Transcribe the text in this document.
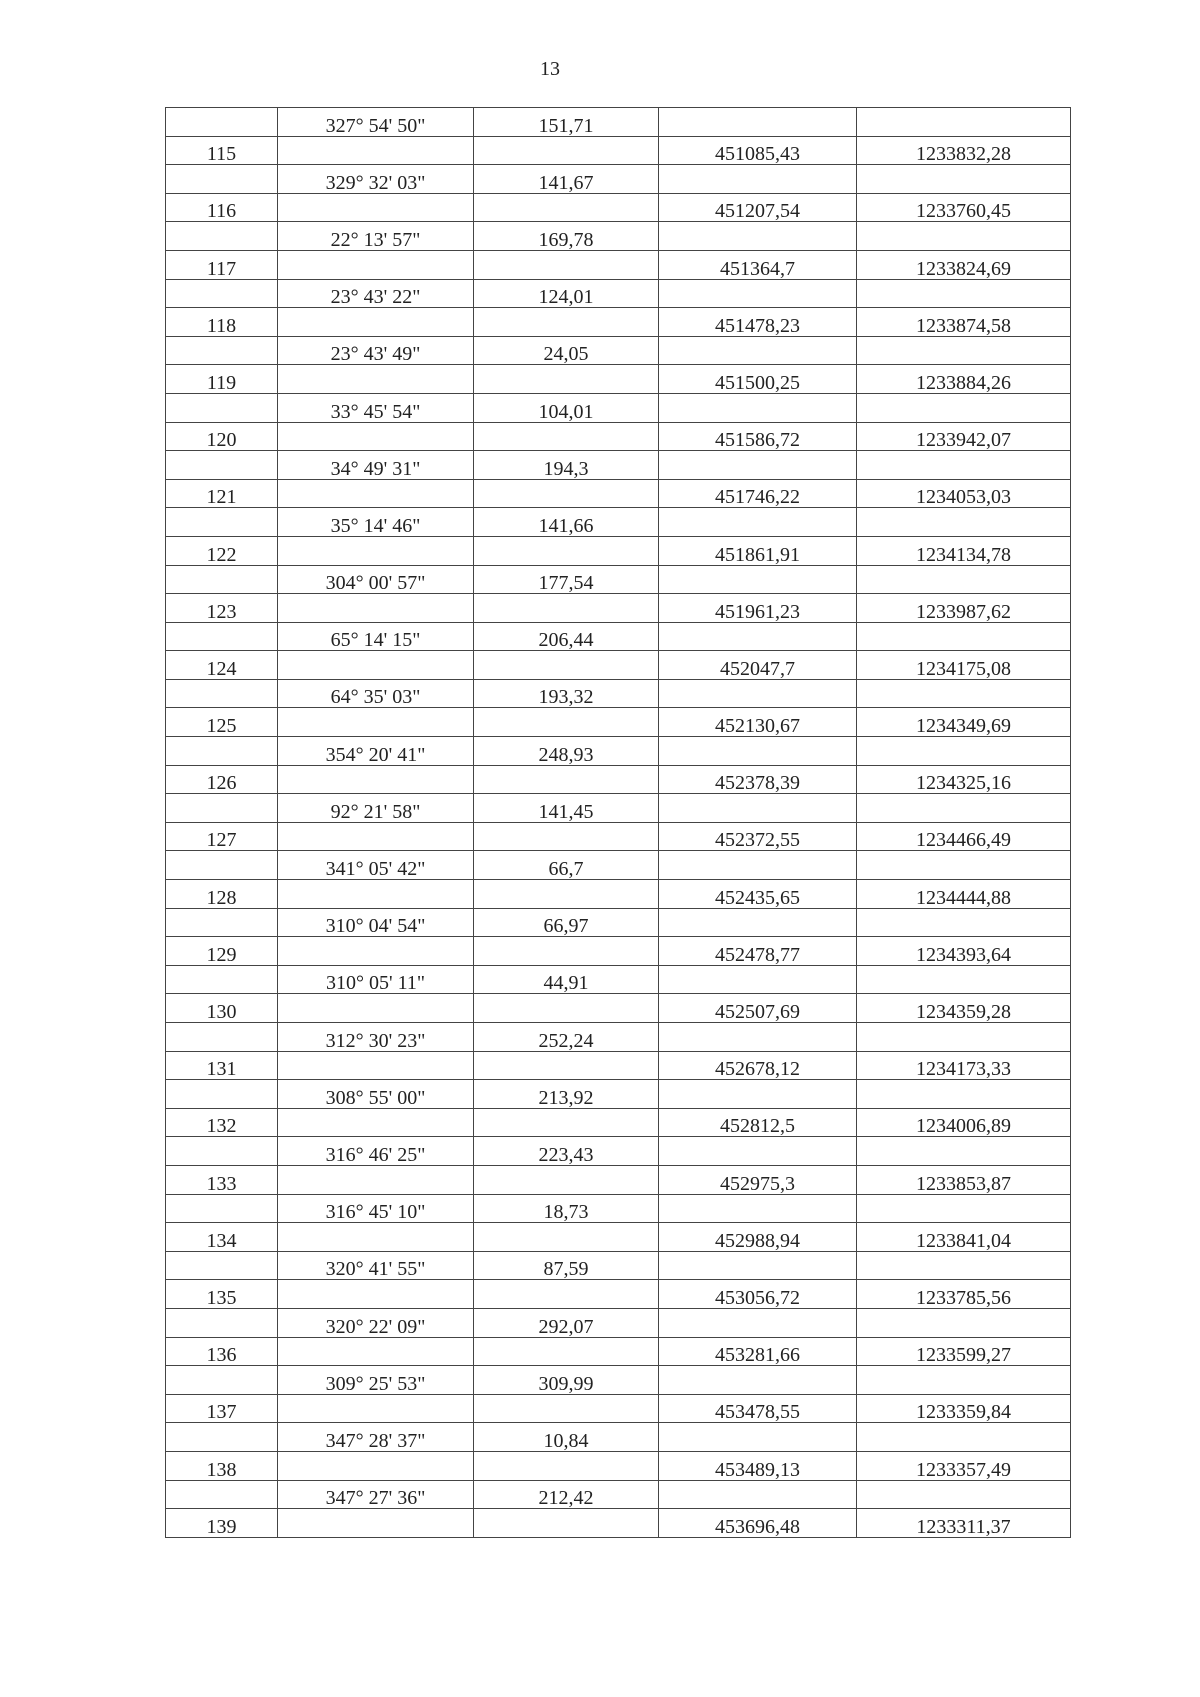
13
	327° 54' 50"	151,71		
115			451085,43	1233832,28
	329° 32' 03"	141,67		
116			451207,54	1233760,45
	22° 13' 57"	169,78		
117			451364,7	1233824,69
	23° 43' 22"	124,01		
118			451478,23	1233874,58
	23° 43' 49"	24,05		
119			451500,25	1233884,26
	33° 45' 54"	104,01		
120			451586,72	1233942,07
	34° 49' 31"	194,3		
121			451746,22	1234053,03
	35° 14' 46"	141,66		
122			451861,91	1234134,78
	304° 00' 57"	177,54		
123			451961,23	1233987,62
	65° 14' 15"	206,44		
124			452047,7	1234175,08
	64° 35' 03"	193,32		
125			452130,67	1234349,69
	354° 20' 41"	248,93		
126			452378,39	1234325,16
	92° 21' 58"	141,45		
127			452372,55	1234466,49
	341° 05' 42"	66,7		
128			452435,65	1234444,88
	310° 04' 54"	66,97		
129			452478,77	1234393,64
	310° 05' 11"	44,91		
130			452507,69	1234359,28
	312° 30' 23"	252,24		
131			452678,12	1234173,33
	308° 55' 00"	213,92		
132			452812,5	1234006,89
	316° 46' 25"	223,43		
133			452975,3	1233853,87
	316° 45' 10"	18,73		
134			452988,94	1233841,04
	320° 41' 55"	87,59		
135			453056,72	1233785,56
	320° 22' 09"	292,07		
136			453281,66	1233599,27
	309° 25' 53"	309,99		
137			453478,55	1233359,84
	347° 28' 37"	10,84		
138			453489,13	1233357,49
	347° 27' 36"	212,42		
139			453696,48	1233311,37
